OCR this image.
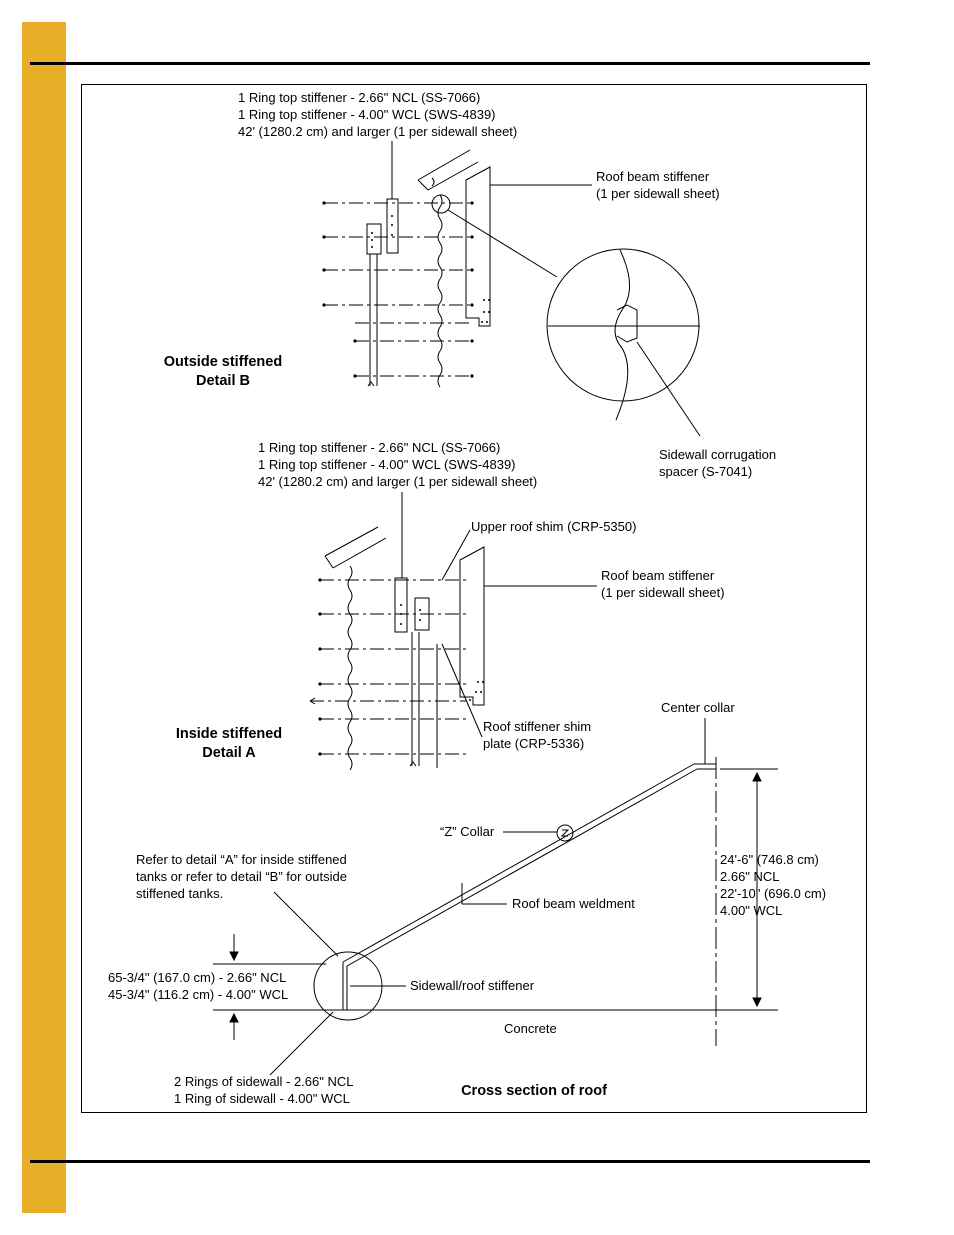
1 Ring top stiffener - 2.66" NCL (SS-7066)
1 Ring top stiffener - 4.00" WCL (SWS-4839)
42' (1280.2 cm) and larger (1 per sidewall sheet)
Roof beam stiffener
(1 per sidewall sheet)
Sidewall corrugation
spacer (S-7041)
Outside stiffened
Detail B
1 Ring top stiffener - 2.66" NCL (SS-7066)
1 Ring top stiffener - 4.00" WCL (SWS-4839)
42' (1280.2 cm) and larger (1 per sidewall sheet)
Upper roof shim (CRP-5350)
Roof beam stiffener
(1 per sidewall sheet)
Roof stiffener shim
plate (CRP-5336)
Inside stiffened
Detail A
Center collar
“Z” Collar
Refer to detail “A” for inside stiffened
tanks or refer to detail “B” for outside
stiffened tanks.
Roof beam weldment
24'-6" (746.8 cm)
2.66" NCL
22'-10" (696.0 cm)
4.00" WCL
65-3/4" (167.0 cm) - 2.66" NCL
45-3/4" (116.2 cm) - 4.00" WCL
Sidewall/roof stiffener
Concrete
2 Rings of sidewall - 2.66" NCL
1 Ring of sidewall - 4.00" WCL	Cross section of roof
